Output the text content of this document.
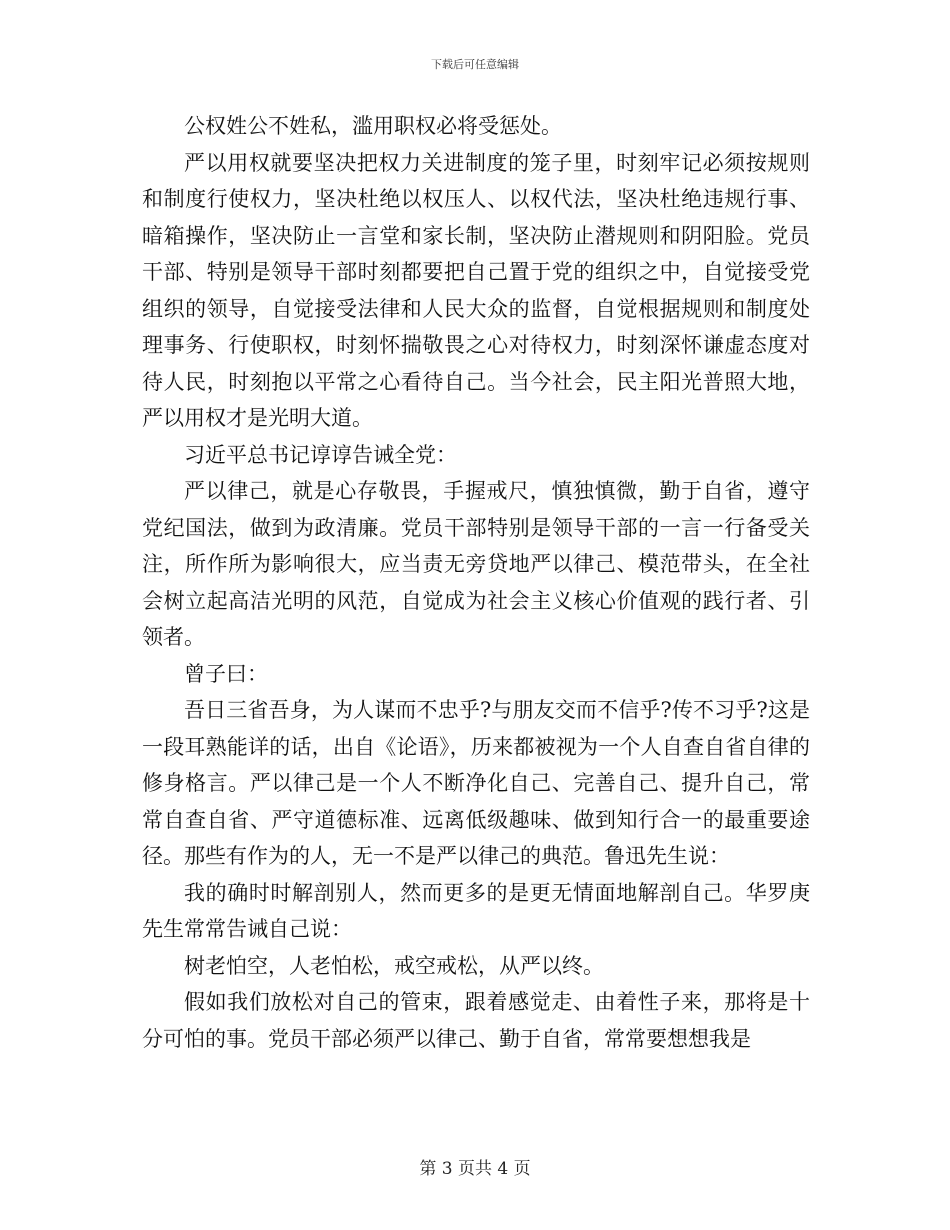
下载后可任意编辑

公权姓公不姓私，滥用职权必将受惩处。

严以用权就要坚决把权力关进制度的笼子里，时刻牢记必须按规则和制度行使权力，坚决杜绝以权压人、以权代法，坚决杜绝违规行事、暗箱操作，坚决防止一言堂和家长制，坚决防止潜规则和阴阳脸。党员干部、特别是领导干部时刻都要把自己置于党的组织之中，自觉接受党组织的领导，自觉接受法律和人民大众的监督，自觉根据规则和制度处理事务、行使职权，时刻怀揣敬畏之心对待权力，时刻深怀谦虚态度对待人民，时刻抱以平常之心看待自己。当今社会，民主阳光普照大地，严以用权才是光明大道。

习近平总书记谆谆告诫全党：

严以律己，就是心存敬畏，手握戒尺，慎独慎微，勤于自省，遵守党纪国法，做到为政清廉。党员干部特别是领导干部的一言一行备受关注，所作所为影响很大，应当责无旁贷地严以律己、模范带头，在全社会树立起高洁光明的风范，自觉成为社会主义核心价值观的践行者、引领者。

曾子曰：

吾日三省吾身，为人谋而不忠乎?与朋友交而不信乎?传不习乎?这是一段耳熟能详的话，出自《论语》，历来都被视为一个人自查自省自律的修身格言。严以律己是一个人不断净化自己、完善自己、提升自己，常常自查自省、严守道德标准、远离低级趣味、做到知行合一的最重要途径。那些有作为的人，无一不是严以律己的典范。鲁迅先生说：

我的确时时解剖别人，然而更多的是更无情面地解剖自己。华罗庚先生常常告诫自己说：

树老怕空，人老怕松，戒空戒松，从严以终。

假如我们放松对自己的管束，跟着感觉走、由着性子来，那将是十分可怕的事。党员干部必须严以律己、勤于自省，常常要想想我是

第 3 页共 4 页
